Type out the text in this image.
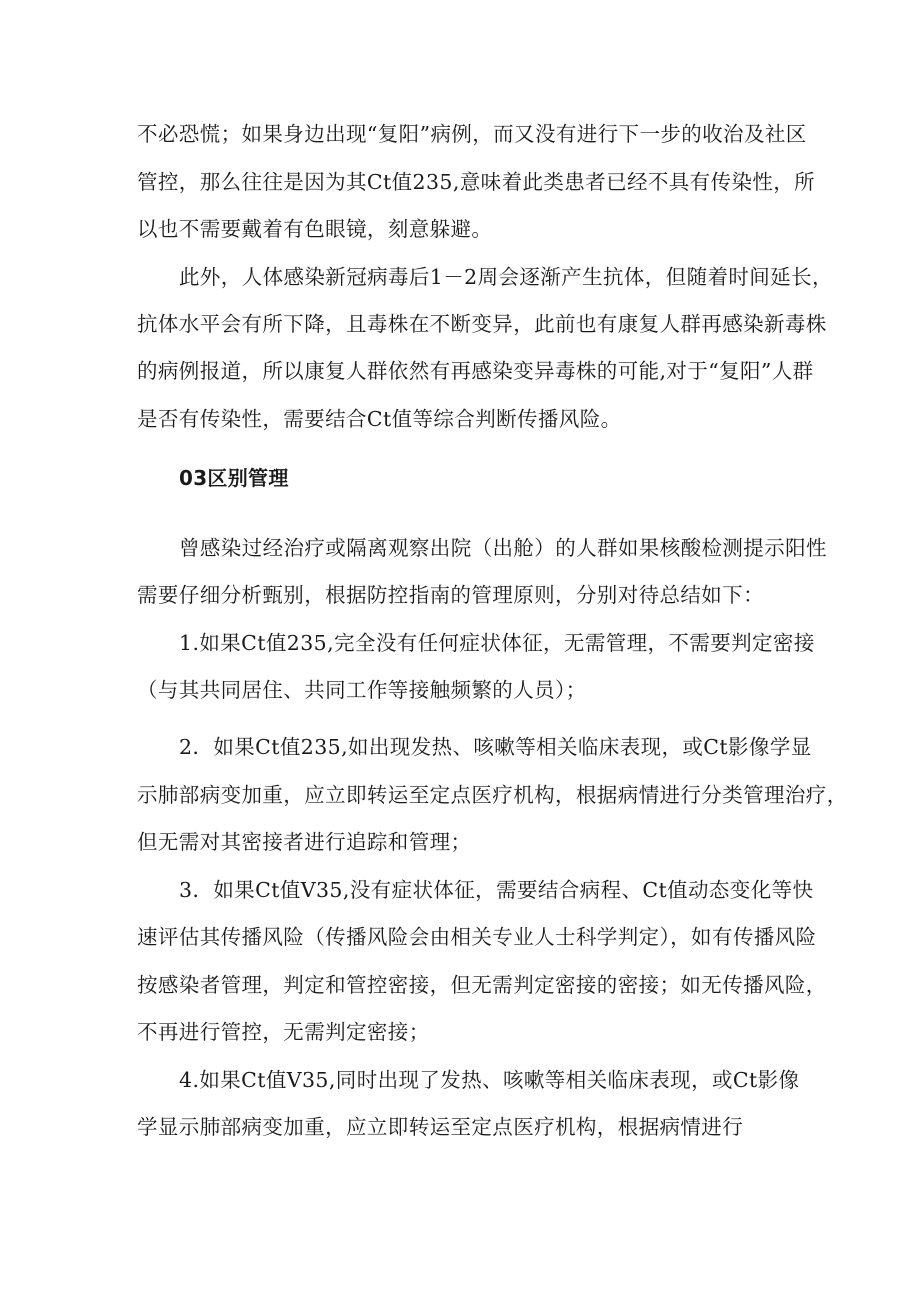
不必恐慌；如果身边出现“复阳”病例，而又没有进行下一步的收治及社区
管控，那么往往是因为其Ct值235,意味着此类患者已经不具有传染性，所
以也不需要戴着有色眼镜，刻意躲避。
此外，人体感染新冠病毒后1－2周会逐渐产生抗体，但随着时间延长，
抗体水平会有所下降，且毒株在不断变异，此前也有康复人群再感染新毒株
的病例报道，所以康复人群依然有再感染变异毒株的可能,对于“复阳”人群
是否有传染性，需要结合Ct值等综合判断传播风险。
03区别管理
曾感染过经治疗或隔离观察出院（出舱）的人群如果核酸检测提示阳性
需要仔细分析甄别，根据防控指南的管理原则，分别对待总结如下：
1.如果Ct值235,完全没有任何症状体征，无需管理，不需要判定密接
（与其共同居住、共同工作等接触频繁的人员）；
2．如果Ct值235,如出现发热、咳嗽等相关临床表现，或Ct影像学显
示肺部病变加重，应立即转运至定点医疗机构，根据病情进行分类管理治疗，
但无需对其密接者进行追踪和管理；
3．如果Ct值V35,没有症状体征，需要结合病程、Ct值动态变化等快
速评估其传播风险（传播风险会由相关专业人士科学判定），如有传播风险
按感染者管理，判定和管控密接，但无需判定密接的密接；如无传播风险，
不再进行管控，无需判定密接；
4.如果Ct值V35,同时出现了发热、咳嗽等相关临床表现，或Ct影像
学显示肺部病变加重，应立即转运至定点医疗机构，根据病情进行
